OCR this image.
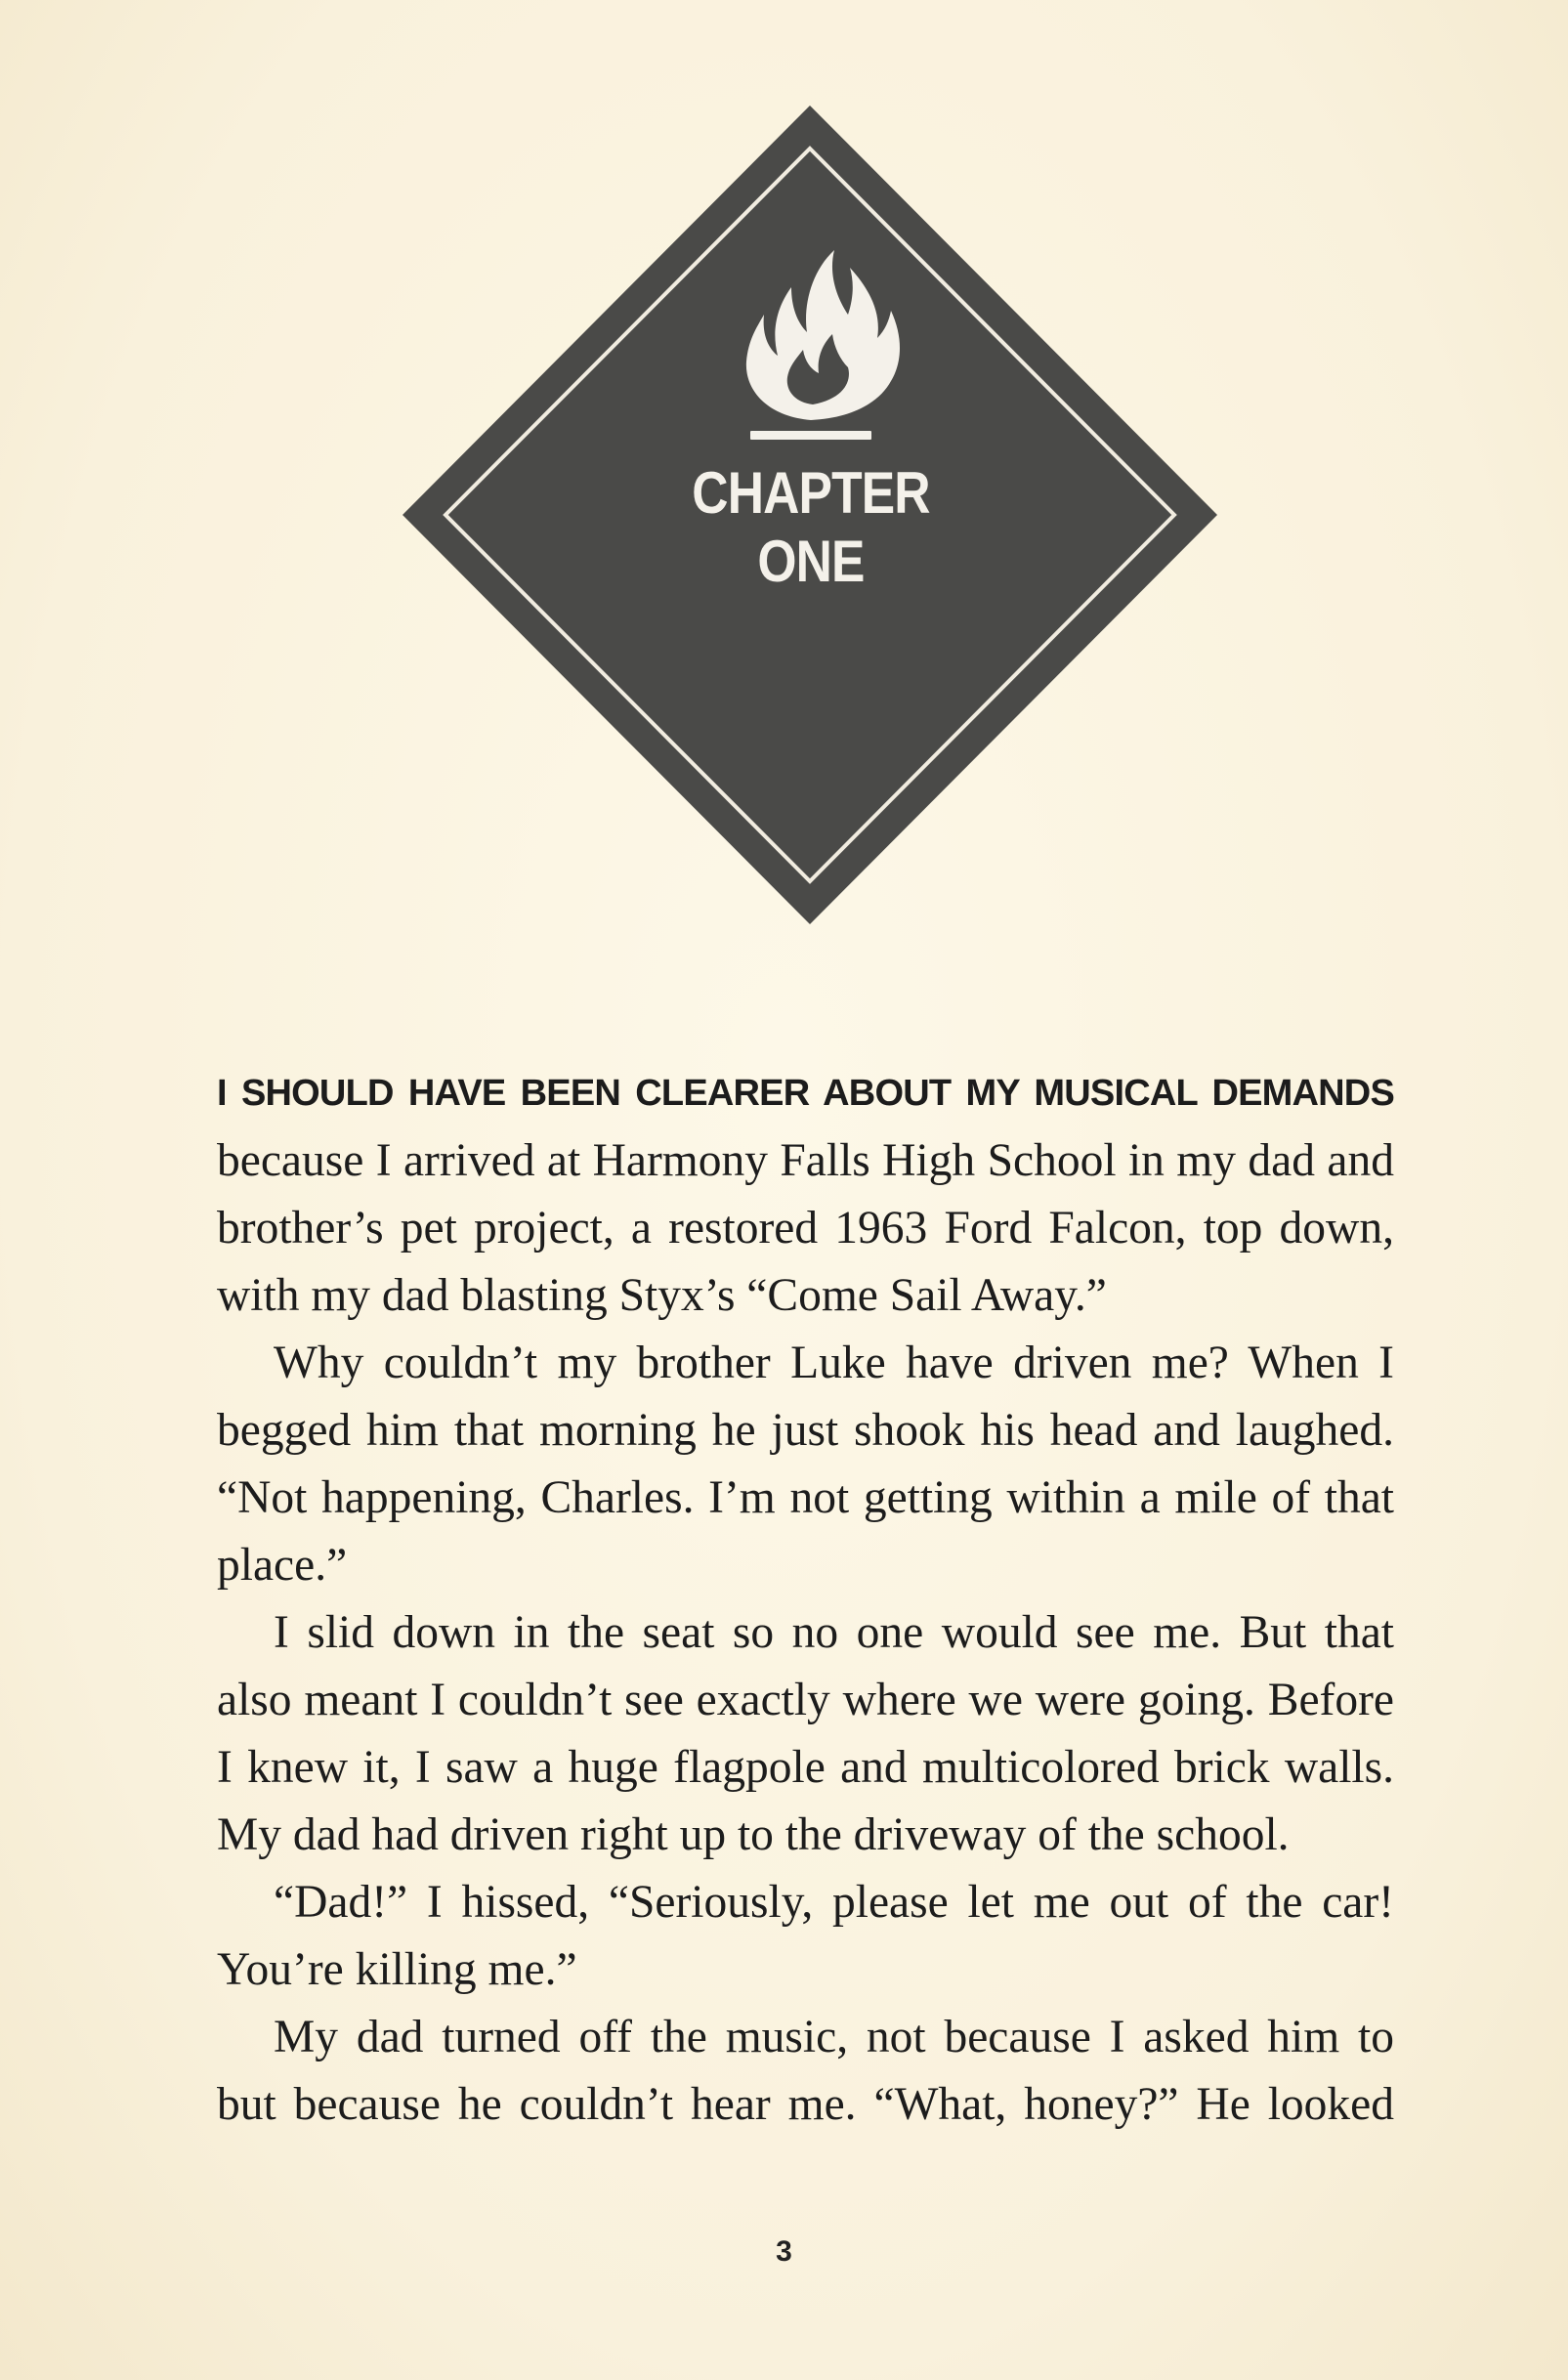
CHAPTER
ONE
I SHOULD HAVE BEEN CLEARER ABOUT MY MUSICAL DEMANDS
because I arrived at Harmony Falls High School in my dad and
brother’s pet project, a restored 1963 Ford Falcon, top down,
with my dad blasting Styx’s “Come Sail Away.”
Why couldn’t my brother Luke have driven me? When I
begged him that morning he just shook his head and laughed.
“Not happening, Charles. I’m not getting within a mile of that
place.”
I slid down in the seat so no one would see me. But that
also meant I couldn’t see exactly where we were going. Before
I knew it, I saw a huge flagpole and multicolored brick walls.
My dad had driven right up to the driveway of the school.
“Dad!” I hissed, “Seriously, please let me out of the car!
You’re killing me.”
My dad turned off the music, not because I asked him to
but because he couldn’t hear me. “What, honey?” He looked
3
